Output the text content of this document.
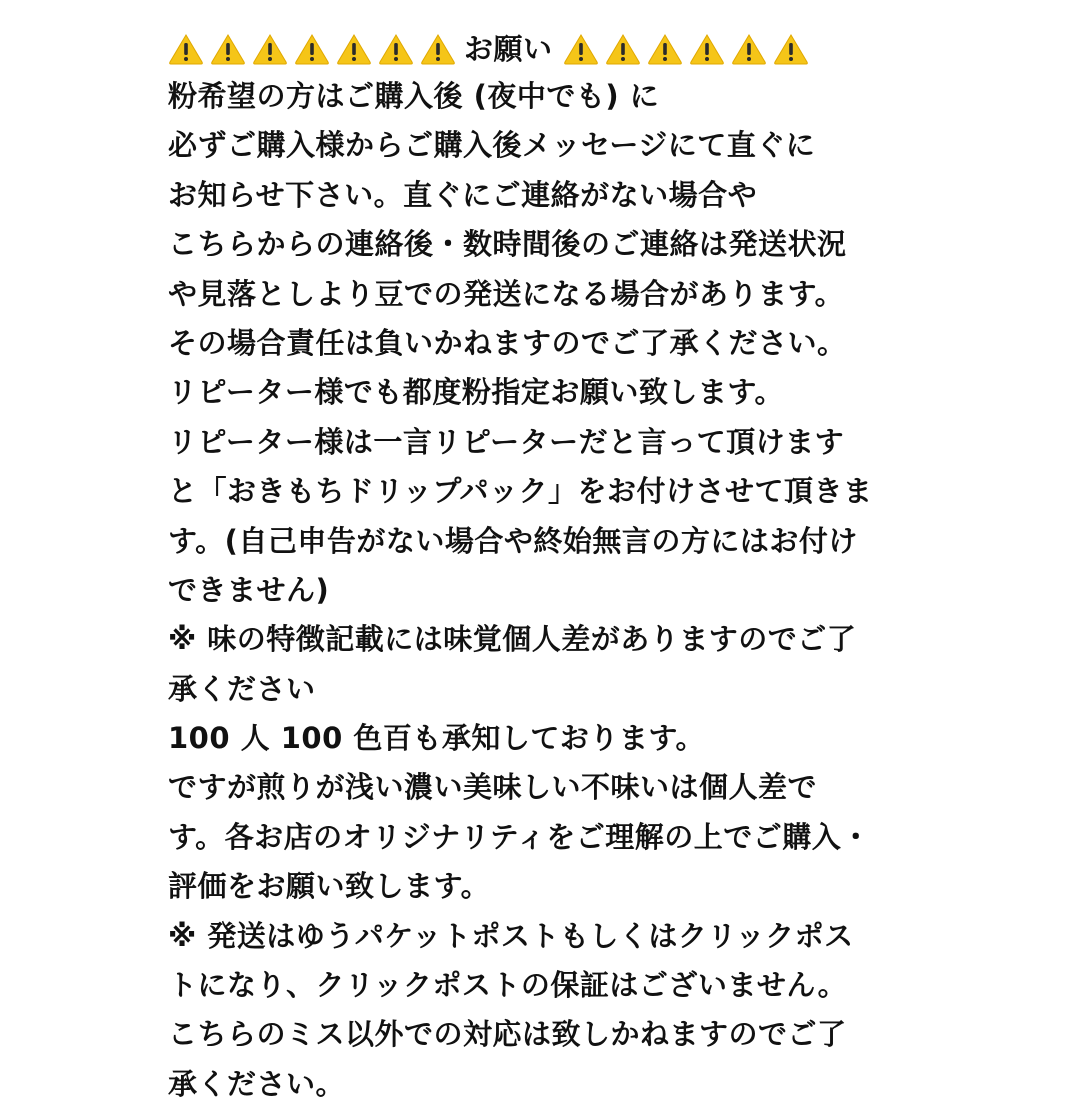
お願い
粉希望の方はご購入後 (夜中でも) に
必ずご購入様からご購入後メッセージにて直ぐに
お知らせ下さい。直ぐにご連絡がない場合や
こちらからの連絡後・数時間後のご連絡は発送状況
や見落としより豆での発送になる場合があります。
その場合責任は負いかねますのでご了承ください。
リピーター様でも都度粉指定お願い致します。
リピーター様は一言リピーターだと言って頂けます
と「おきもちドリップパック」をお付けさせて頂きま
す。(自己申告がない場合や終始無言の方にはお付け
できません)
※ 味の特徴記載には味覚個人差がありますのでご了
承ください
100 人 100 色百も承知しております。
ですが煎りが浅い濃い美味しい不味いは個人差で
す。各お店のオリジナリティをご理解の上でご購入・
評価をお願い致します。
※ 発送はゆうパケットポストもしくはクリックポス
トになり、クリックポストの保証はございません。
こちらのミス以外での対応は致しかねますのでご了
承ください。
